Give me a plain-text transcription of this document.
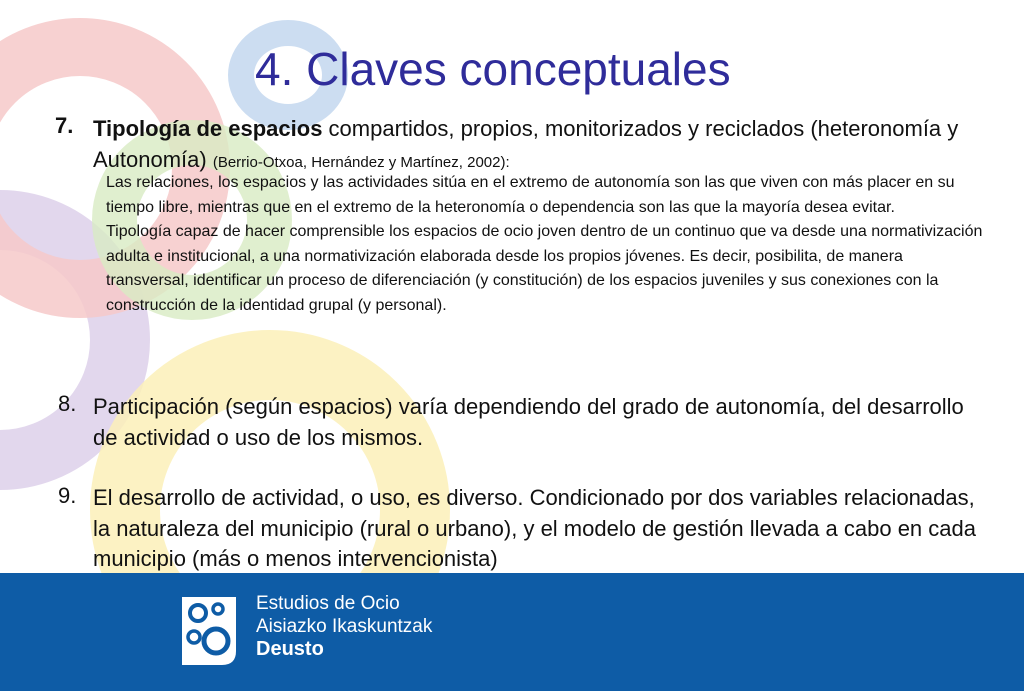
4. Claves conceptuales
7. Tipología de espacios compartidos, propios, monitorizados y reciclados (heteronomía y Autonomía) (Berrio-Otxoa, Hernández y Martínez, 2002):

Las relaciones, los espacios y las actividades sitúa en el extremo de autonomía son las que viven con más placer en su tiempo libre, mientras que en el extremo de la heteronomía o dependencia son las que la mayoría desea evitar.

Tipología capaz de hacer comprensible los espacios de ocio joven dentro de un continuo que va desde una normativización adulta e institucional, a una normativización elaborada desde los propios jóvenes. Es decir, posibilita, de manera transversal, identificar un proceso de diferenciación (y constitución) de los espacios juveniles y sus conexiones con la construcción de la identidad grupal (y personal).

8. Participación (según espacios) varía dependiendo del grado de autonomía, del desarrollo de actividad o uso de los mismos.
9. El desarrollo de actividad, o uso, es diverso. Condicionado por dos variables relacionadas, la naturaleza del municipio (rural o urbano), y el modelo de gestión llevada a cabo en cada municipio (más o menos intervencionista)
Estudios de Ocio
Aisiazko Ikaskuntzak
Deusto
